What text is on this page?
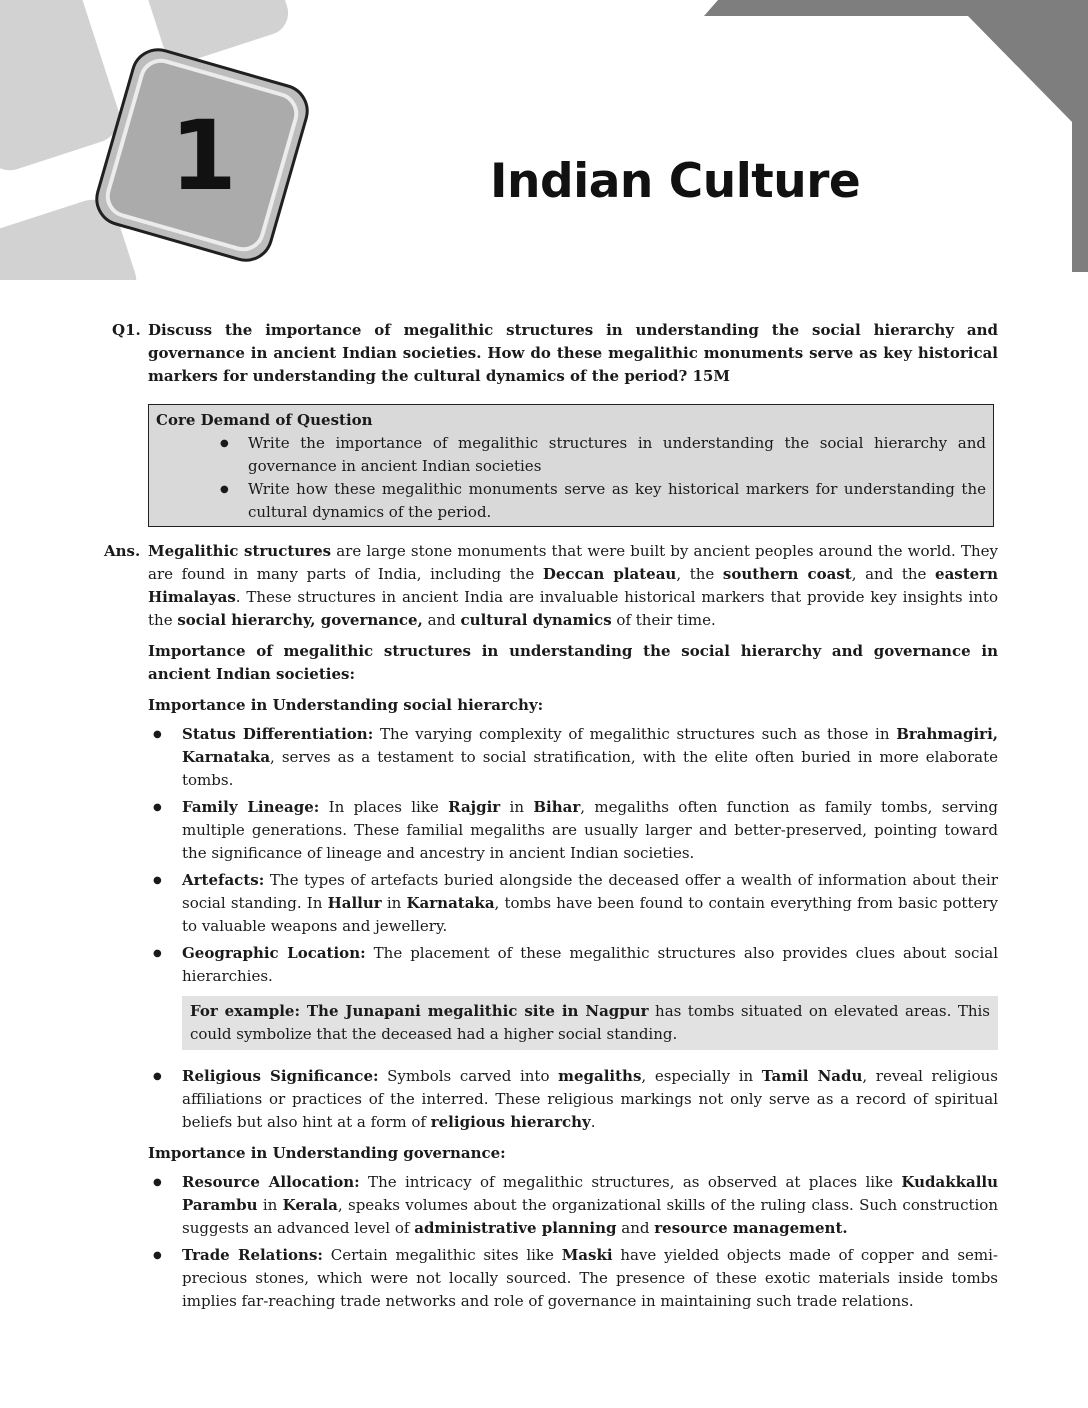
1	Indian Culture
Q1. Discuss the importance of megalithic structures in understanding the social hierarchy and governance in ancient Indian societies. How do these megalithic monuments serve as key historical markers for understanding the cultural dynamics of the period? 15M

Core Demand of Question

● Write the importance of megalithic structures in understanding the social hierarchy and governance in ancient Indian societies
● Write how these megalithic monuments serve as key historical markers for understanding the cultural dynamics of the period.
Ans. Megalithic structures are large stone monuments that were built by ancient peoples around the world. They are found in many parts of India, including the Deccan plateau, the southern coast, and the eastern Himalayas. These structures in ancient India are invaluable historical markers that provide key insights into the social hierarchy, governance, and cultural dynamics of their time.

Importance of megalithic structures in understanding the social hierarchy and governance in ancient Indian societies:

Importance in Understanding social hierarchy:

● Status Differentiation: The varying complexity of megalithic structures such as those in Brahmagiri, Karnataka, serves as a testament to social stratification, with the elite often buried in more elaborate tombs.
● Family Lineage: In places like Rajgir in Bihar, megaliths often function as family tombs, serving multiple generations. These familial megaliths are usually larger and better-preserved, pointing toward the significance of lineage and ancestry in ancient Indian societies.
● Artefacts: The types of artefacts buried alongside the deceased offer a wealth of information about their social standing. In Hallur in Karnataka, tombs have been found to contain everything from basic pottery to valuable weapons and jewellery.
● Geographic Location: The placement of these megalithic structures also provides clues about social hierarchies.
For example: The Junapani megalithic site in Nagpur has tombs situated on elevated areas. This could symbolize that the deceased had a higher social standing.
● Religious Significance: Symbols carved into megaliths, especially in Tamil Nadu, reveal religious affiliations or practices of the interred. These religious markings not only serve as a record of spiritual beliefs but also hint at a form of religious hierarchy.

Importance in Understanding governance:

● Resource Allocation: The intricacy of megalithic structures, as observed at places like Kudakkallu Parambu in Kerala, speaks volumes about the organizational skills of the ruling class. Such construction suggests an advanced level of administrative planning and resource management.
● Trade Relations: Certain megalithic sites like Maski have yielded objects made of copper and semi-precious stones, which were not locally sourced. The presence of these exotic materials inside tombs implies far-reaching trade networks and role of governance in maintaining such trade relations.
